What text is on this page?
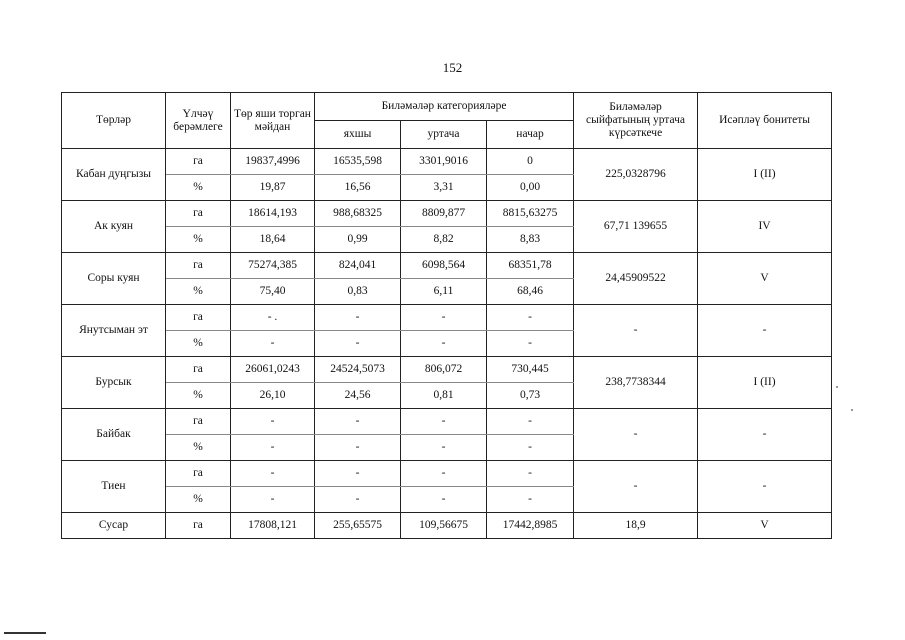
152
Төрләр	Үлчәү берәмлеге	Төр яши торган мәйдан	Биләмәләр категорияләре			Биләмәләр сыйфатының уртача күрсәткече	Исәпләү бонитеты
			яхшы	уртача	начар		
Кабан дуңгызы	га	19837,4996	16535,598	3301,9016	0	225,0328796	I (II)
	%	19,87	16,56	3,31	0,00		
Ак куян	га	18614,193	988,68325	8809,877	8815,63275	67,71 139655	IV
	%	18,64	0,99	8,82	8,83		
Соры куян	га	75274,385	824,041	6098,564	68351,78	24,45909522	V
	%	75,40	0,83	6,11	68,46		
Янутсыман эт	га	- .	-	-	-	-	-
	%	-	-	-	-		
Бурсык	га	26061,0243	24524,5073	806,072	730,445	238,7738344	I (II)
	%	26,10	24,56	0,81	0,73		
Байбак	га	-	-	-	-	-	-
	%	-	-	-	-		
Тиен	га	-	-	-	-	-	-
	%	-	-	-	-		
Сусар	га	17808,121	255,65575	109,56675	17442,8985	18,9	V
